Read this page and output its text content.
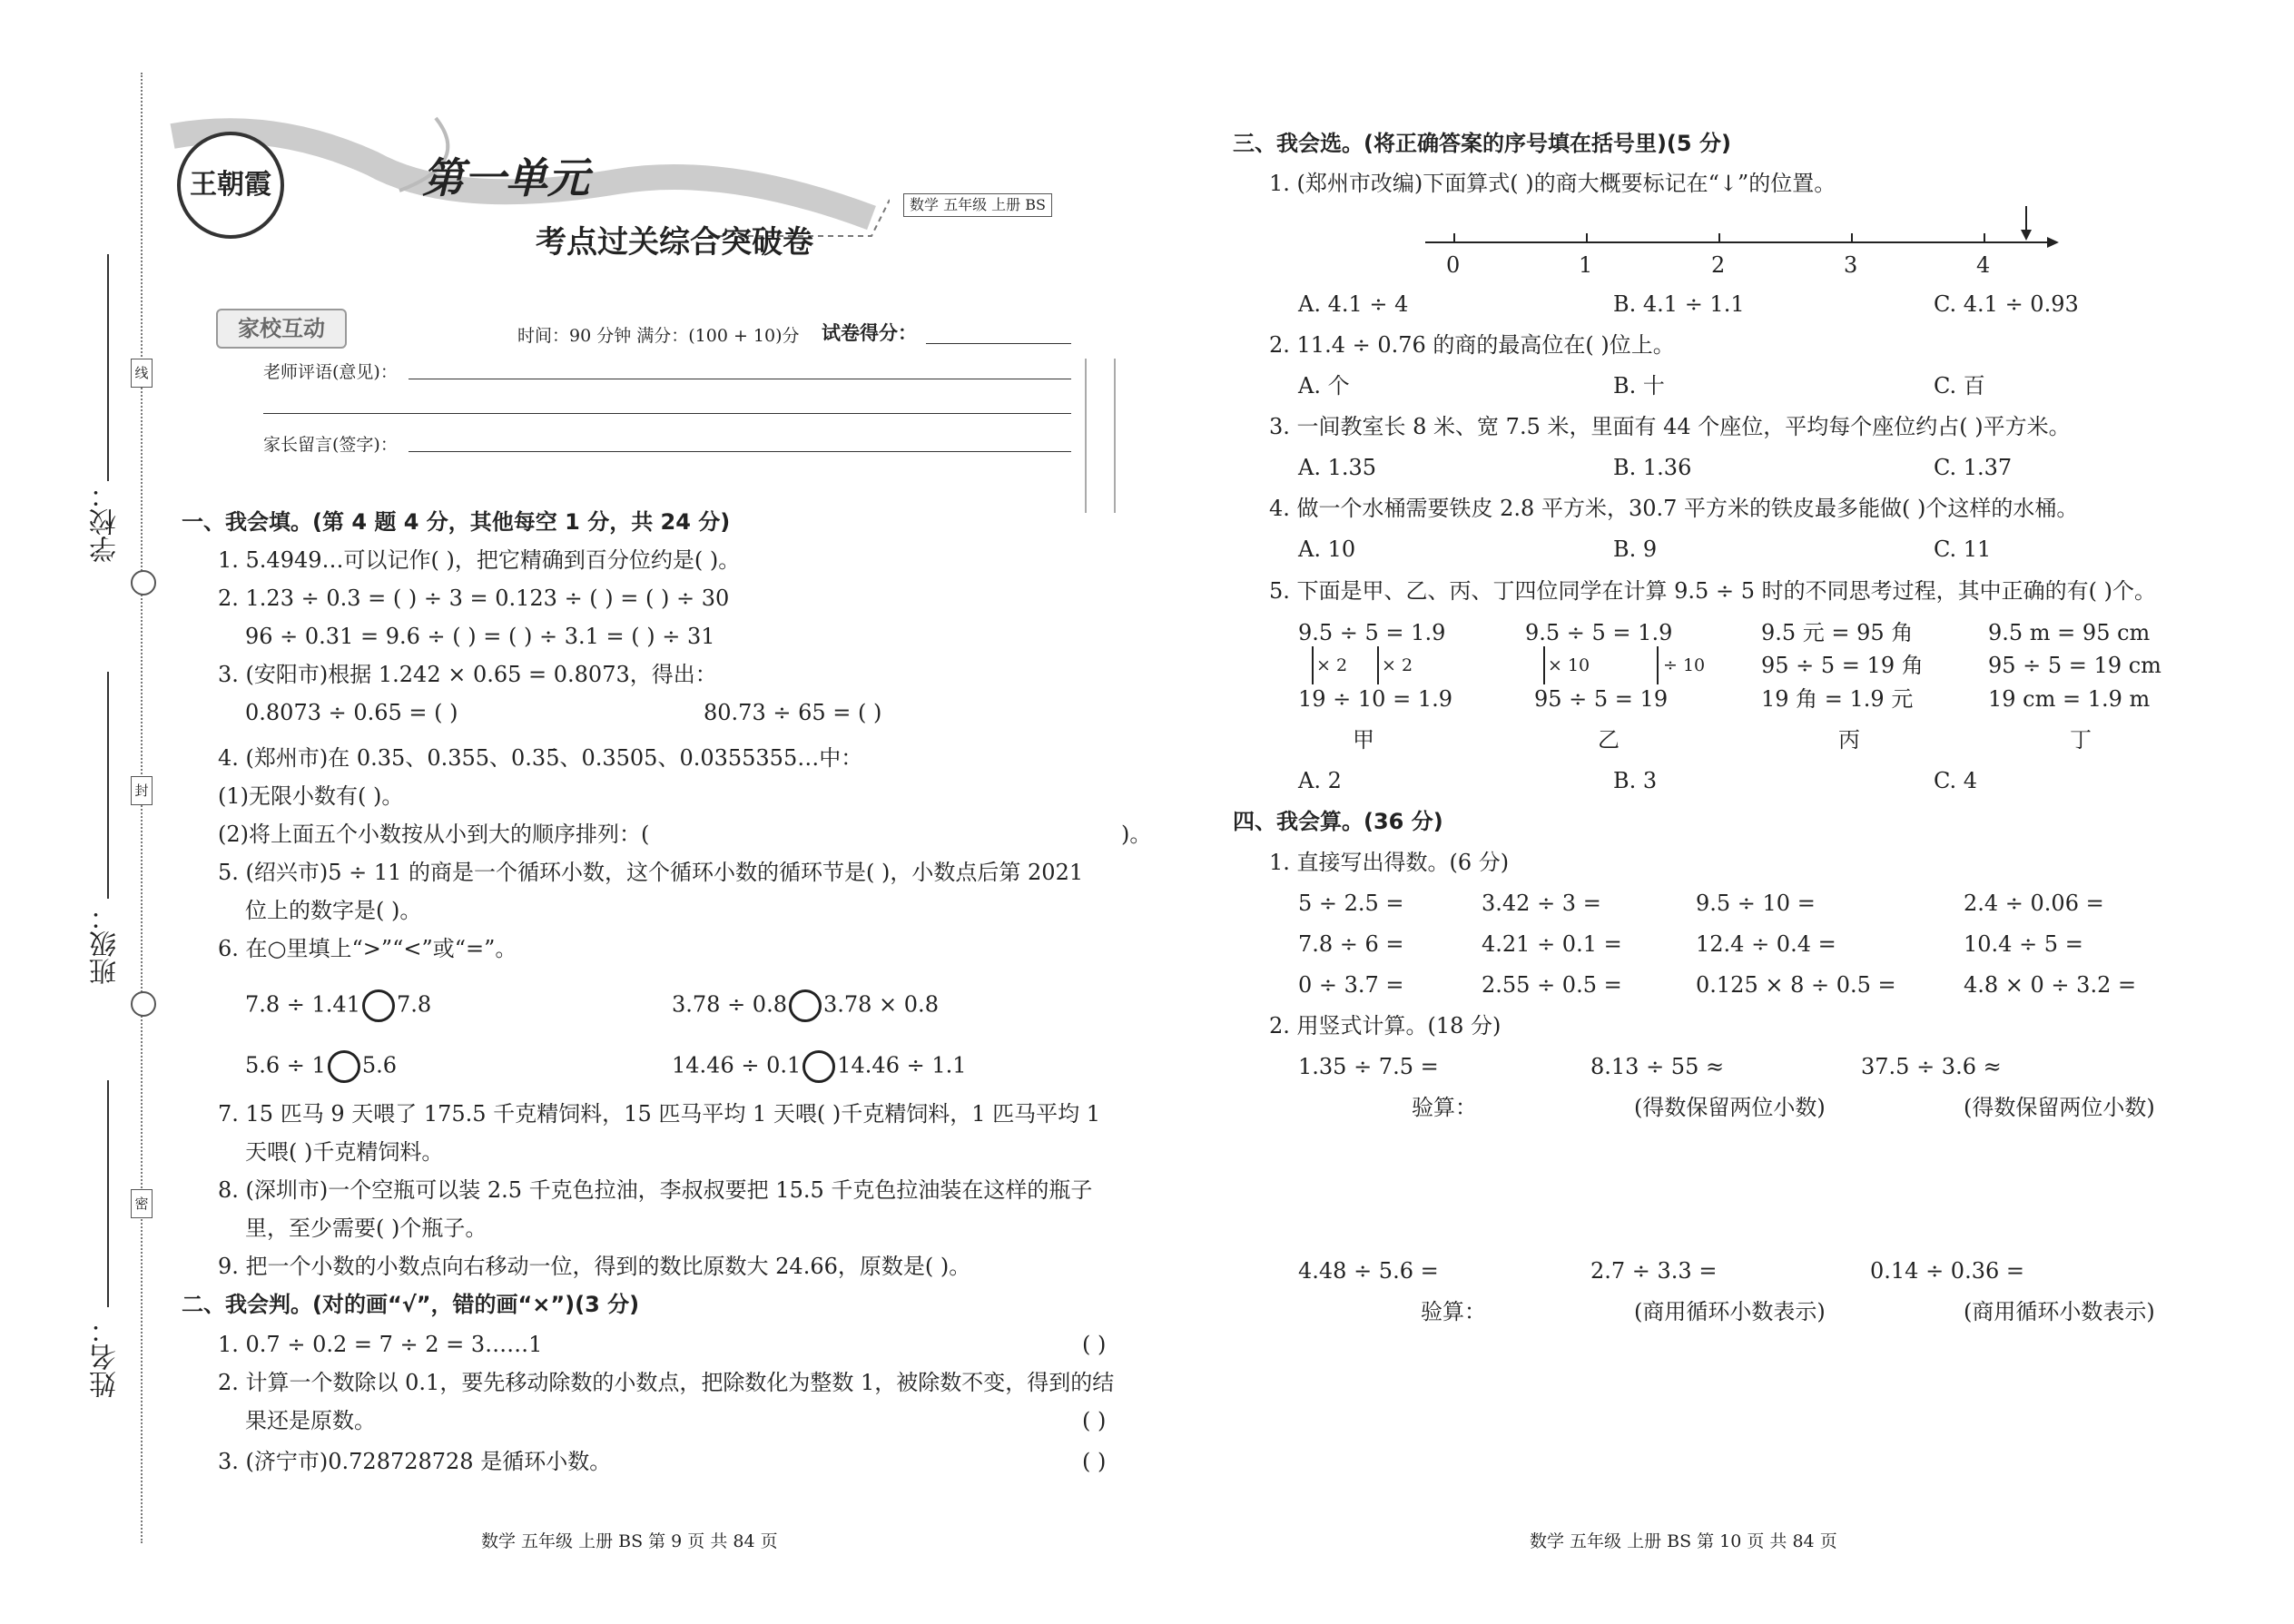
学校：
班级：
姓名：
线
封
密
王朝霞	第一单元
考点过关综合突破卷
数学 五年级 上册 BS
家校互动	时间：90 分钟 满分：(100 + 10)分 试卷得分：
老师评语(意见)：
家长留言(签字)：
一、我会填。(第 4 题 4 分，其他每空 1 分，共 24 分)
1. 5.4949…可以记作( )，把它精确到百分位约是( )。
2. 1.23 ÷ 0.3 = ( ) ÷ 3 = 0.123 ÷ ( ) = ( ) ÷ 30
96 ÷ 0.31 = 9.6 ÷ ( ) = ( ) ÷ 3.1 = ( ) ÷ 31
3. (安阳市)根据 1.242 × 0.65 = 0.8073，得出：
0.8073 ÷ 0.65 = ( )	80.73 ÷ 65 = ( )
4. (郑州市)在 0.35、0.355、0.35̇、0.3505、0.0355355…中：
(1)无限小数有( )。
(2)将上面五个小数按从小到大的顺序排列：(	)。
5. (绍兴市)5 ÷ 11 的商是一个循环小数，这个循环小数的循环节是( )，小数点后第 2021
位上的数字是( )。
6. 在○里填上“>”“<”或“=”。
7.8 ÷ 1.41 7.8	3.78 ÷ 0.8 3.78 × 0.8
5.6 ÷ 1 5.6	14.46 ÷ 0.1 14.46 ÷ 1.1
7. 15 匹马 9 天喂了 175.5 千克精饲料，15 匹马平均 1 天喂( )千克精饲料，1 匹马平均 1
天喂( )千克精饲料。
8. (深圳市)一个空瓶可以装 2.5 千克色拉油，李叔叔要把 15.5 千克色拉油装在这样的瓶子
里，至少需要( )个瓶子。
9. 把一个小数的小数点向右移动一位，得到的数比原数大 24.66，原数是( )。
二、我会判。(对的画“√”，错的画“×”)(3 分)
1. 0.7 ÷ 0.2 = 7 ÷ 2 = 3……1	( )
2. 计算一个数除以 0.1，要先移动除数的小数点，把除数化为整数 1，被除数不变，得到的结
果还是原数。	( )
3. (济宁市)0.728728728 是循环小数。	( )
数学 五年级 上册 BS 第 9 页 共 84 页
三、我会选。(将正确答案的序号填在括号里)(5 分)
1. (郑州市改编)下面算式( )的商大概要标记在“↓”的位置。
0	1	2	3	4
A. 4.1 ÷ 4	B. 4.1 ÷ 1.1	C. 4.1 ÷ 0.93
2. 11.4 ÷ 0.76 的商的最高位在( )位上。
A. 个	B. 十	C. 百
3. 一间教室长 8 米、宽 7.5 米，里面有 44 个座位，平均每个座位约占( )平方米。
A. 1.35	B. 1.36	C. 1.37
4. 做一个水桶需要铁皮 2.8 平方米，30.7 平方米的铁皮最多能做( )个这样的水桶。
A. 10	B. 9	C. 11
5. 下面是甲、乙、丙、丁四位同学在计算 9.5 ÷ 5 时的不同思考过程，其中正确的有( )个。
9.5 ÷ 5 = 1.9
× 2 × 2
19 ÷ 10 = 1.9
甲
9.5 ÷ 5 = 1.9
× 10	÷ 10
95 ÷ 5 = 19
乙
9.5 元 = 95 角
95 ÷ 5 = 19 角
19 角 = 1.9 元
丙
9.5 m = 95 cm
95 ÷ 5 = 19 cm
19 cm = 1.9 m
丁
A. 2	B. 3	C. 4
四、我会算。(36 分)
1. 直接写出得数。(6 分)
5 ÷ 2.5 =	3.42 ÷ 3 =	9.5 ÷ 10 =	2.4 ÷ 0.06 =
7.8 ÷ 6 =	4.21 ÷ 0.1 =	12.4 ÷ 0.4 =	10.4 ÷ 5 =
0 ÷ 3.7 =	2.55 ÷ 0.5 =	0.125 × 8 ÷ 0.5 =	4.8 × 0 ÷ 3.2 =
2. 用竖式计算。(18 分)
1.35 ÷ 7.5 =	8.13 ÷ 55 ≈	37.5 ÷ 3.6 ≈
验算：	(得数保留两位小数)	(得数保留两位小数)
4.48 ÷ 5.6 =	2.7 ÷ 3.3 =	0.14 ÷ 0.36 =
验算：	(商用循环小数表示)	(商用循环小数表示)
数学 五年级 上册 BS 第 10 页 共 84 页
